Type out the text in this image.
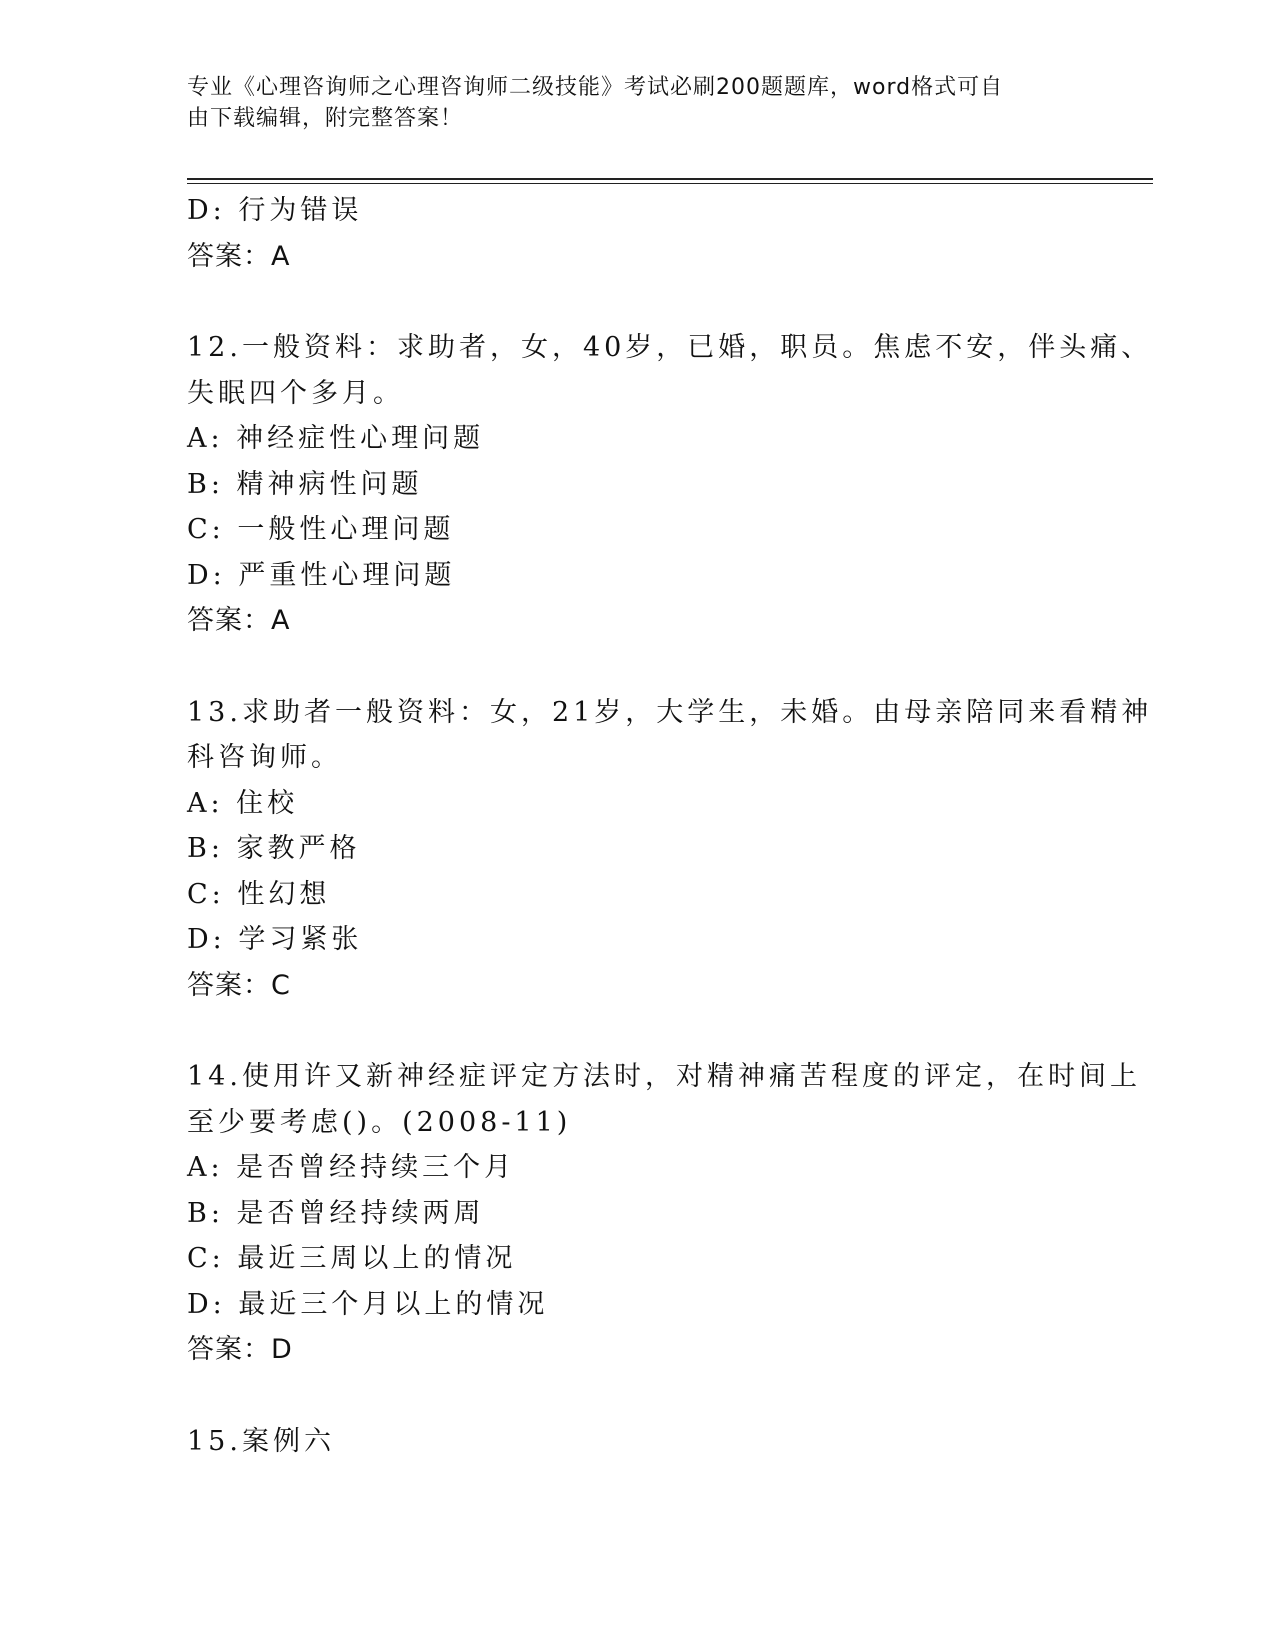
专业《心理咨询师之心理咨询师二级技能》考试必刷200题题库，word格式可自
由下载编辑，附完整答案！
D: 行为错误
答案：A
12.一般资料：求助者，女，40岁，已婚，职员。焦虑不安，伴头痛、
失眠四个多月。
A: 神经症性心理问题
B: 精神病性问题
C: 一般性心理问题
D: 严重性心理问题
答案：A
13.求助者一般资料：女，21岁，大学生，未婚。由母亲陪同来看精神
科咨询师。
A: 住校
B: 家教严格
C: 性幻想
D: 学习紧张
答案：C
14.使用许又新神经症评定方法时，对精神痛苦程度的评定，在时间上
至少要考虑()。(2008-11)
A: 是否曾经持续三个月
B: 是否曾经持续两周
C: 最近三周以上的情况
D: 最近三个月以上的情况
答案：D
15.案例六
